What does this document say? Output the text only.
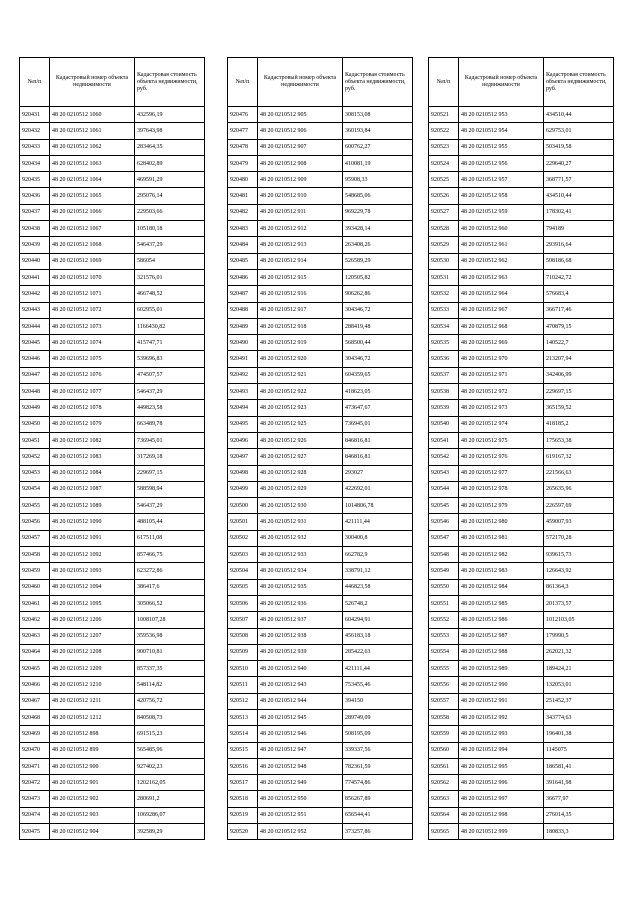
№п/п	Кадастровый номер объекта недвижимости	Кадастровая стоимость объекта недвижимости, руб.
920431	48 20 0210512 1060	432596,19
920432	48 20 0210512 1061	397643,98
920433	48 20 0210512 1062	283464,35
920434	48 20 0210512 1063	628402,89
920435	48 20 0210512 1064	469591,29
920436	48 20 0210512 1065	295076,14
920437	48 20 0210512 1066	229503,66
920438	48 20 0210512 1067	105180,18
920439	48 20 0210512 1068	546437,29
920440	48 20 0210512 1069	586054
920441	48 20 0210512 1070	321576,01
920442	48 20 0210512 1071	466748,52
920443	48 20 0210512 1072	602955,01
920444	48 20 0210512 1073	1166430,82
920445	48 20 0210512 1074	415747,71
920446	48 20 0210512 1075	539696,83
920447	48 20 0210512 1076	474507,57
920448	48 20 0210512 1077	546437,29
920449	48 20 0210512 1078	449823,58
920450	48 20 0210512 1079	663489,78
920451	48 20 0210512 1082	736945,01
920452	48 20 0210512 1083	317269,18
920453	48 20 0210512 1084	229697,15
920454	48 20 0210512 1087	588598,94
920455	48 20 0210512 1089	546437,29
920456	48 20 0210512 1090	488105,44
920457	48 20 0210512 1091	617511,08
920458	48 20 0210512 1092	857466,75
920459	48 20 0210512 1093	623272,86
920460	48 20 0210512 1094	386417,6
920461	48 20 0210512 1095	305066,52
920462	48 20 0210512 1206	1008107,28
920463	48 20 0210512 1207	359536,98
920464	48 20 0210512 1208	900710,81
920465	48 20 0210512 1209	857337,35
920466	48 20 0210512 1210	548114,82
920467	48 20 0210512 1211	420756,72
920468	48 20 0210512 1212	840508,73
920469	48 20 0210512 898	691515,23
920470	48 20 0210512 899	565485,96
920471	48 20 0210512 900	927402,23
920472	48 20 0210512 901	1202162,05
920473	48 20 0210512 902	280691,2
920474	48 20 0210512 903	1069286,07
920475	48 20 0210512 904	392589,29
№п/п	Кадастровый номер объекта недвижимости	Кадастровая стоимость объекта недвижимости, руб.
920476	48 20 0210512 905	308153,08
920477	48 20 0210512 906	360193,84
920478	48 20 0210512 907	600762,27
920479	48 20 0210512 908	410081,19
920480	48 20 0210512 909	95908,33
920481	48 20 0210512 910	548685,06
920482	48 20 0210512 911	969229,78
920483	48 20 0210512 912	393428,14
920484	48 20 0210512 913	263408,26
920485	48 20 0210512 914	526589,29
920486	48 20 0210512 915	120505,82
920487	48 20 0210512 916	906262,86
920488	48 20 0210512 917	304346,72
920489	48 20 0210512 918	288419,48
920490	48 20 0210512 919	568500,44
920491	48 20 0210512 920	304346,72
920492	48 20 0210512 921	604359,65
920493	48 20 0210512 922	418623,05
920494	48 20 0210512 923	473647,67
920495	48 20 0210512 925	736945,01
920496	48 20 0210512 926	846816,81
920497	48 20 0210512 927	846816,81
920498	48 20 0210512 928	293027
920499	48 20 0210512 929	422692,01
920500	48 20 0210512 930	1014806,78
920501	48 20 0210512 931	421111,44
920502	48 20 0210512 932	300400,8
920503	48 20 0210512 933	662782,9
920504	48 20 0210512 934	338791,12
920505	48 20 0210512 935	446823,58
920506	48 20 0210512 936	526748,2
920507	48 20 0210512 937	604294,91
920508	48 20 0210512 938	456183,18
920509	48 20 0210512 939	285422,63
920510	48 20 0210512 940	421111,44
920511	48 20 0210512 943	753455,46
920512	48 20 0210512 944	394150
920513	48 20 0210512 945	289749,09
920514	48 20 0210512 946	508195,09
920515	48 20 0210512 947	339337,56
920516	48 20 0210512 948	782361,59
920517	48 20 0210512 949	774574,86
920518	48 20 0210512 950	856267,89
920519	48 20 0210512 951	656544,41
920520	48 20 0210512 952	373257,86
№п/п	Кадастровый номер объекта недвижимости	Кадастровая стоимость объекта недвижимости, руб.
920521	48 20 0210512 953	434510,44
920522	48 20 0210512 954	629753,01
920523	48 20 0210512 955	503419,58
920524	48 20 0210512 956	229640,27
920525	48 20 0210512 957	368771,57
920526	48 20 0210512 958	434510,44
920527	48 20 0210512 959	178302,41
920528	48 20 0210512 960	794189
920529	48 20 0210512 961	293916,64
920530	48 20 0210512 962	508186,68
920531	48 20 0210512 963	710242,72
920532	48 20 0210512 964	576683,4
920533	48 20 0210512 967	366717,46
920534	48 20 0210512 968	470879,15
920535	48 20 0210512 969	140522,7
920536	48 20 0210512 970	213207,94
920537	48 20 0210512 971	342406,99
920538	48 20 0210512 972	229697,15
920539	48 20 0210512 973	365159,52
920540	48 20 0210512 974	418185,2
920541	48 20 0210512 975	175653,38
920542	48 20 0210512 976	619167,32
920543	48 20 0210512 977	221566,63
920544	48 20 0210512 978	265635,96
920545	48 20 0210512 979	226597,69
920546	48 20 0210512 980	459007,93
920547	48 20 0210512 981	572170,28
920548	48 20 0210512 982	939615,73
920549	48 20 0210512 983	126643,92
920550	48 20 0210512 984	861364,3
920551	48 20 0210512 985	201373,57
920552	48 20 0210512 986	1012103,05
920553	48 20 0210512 987	179990,5
920554	48 20 0210512 988	262021,32
920555	48 20 0210512 989	189424,21
920556	48 20 0210512 990	132053,01
920557	48 20 0210512 991	251452,37
920558	48 20 0210512 992	343774,63
920559	48 20 0210512 993	196401,38
920560	48 20 0210512 994	1145075
920561	48 20 0210512 995	186581,41
920562	48 20 0210512 996	391641,98
920563	48 20 0210512 997	36677,97
920564	48 20 0210512 998	276014,35
920565	48 20 0210512 999	180833,3
